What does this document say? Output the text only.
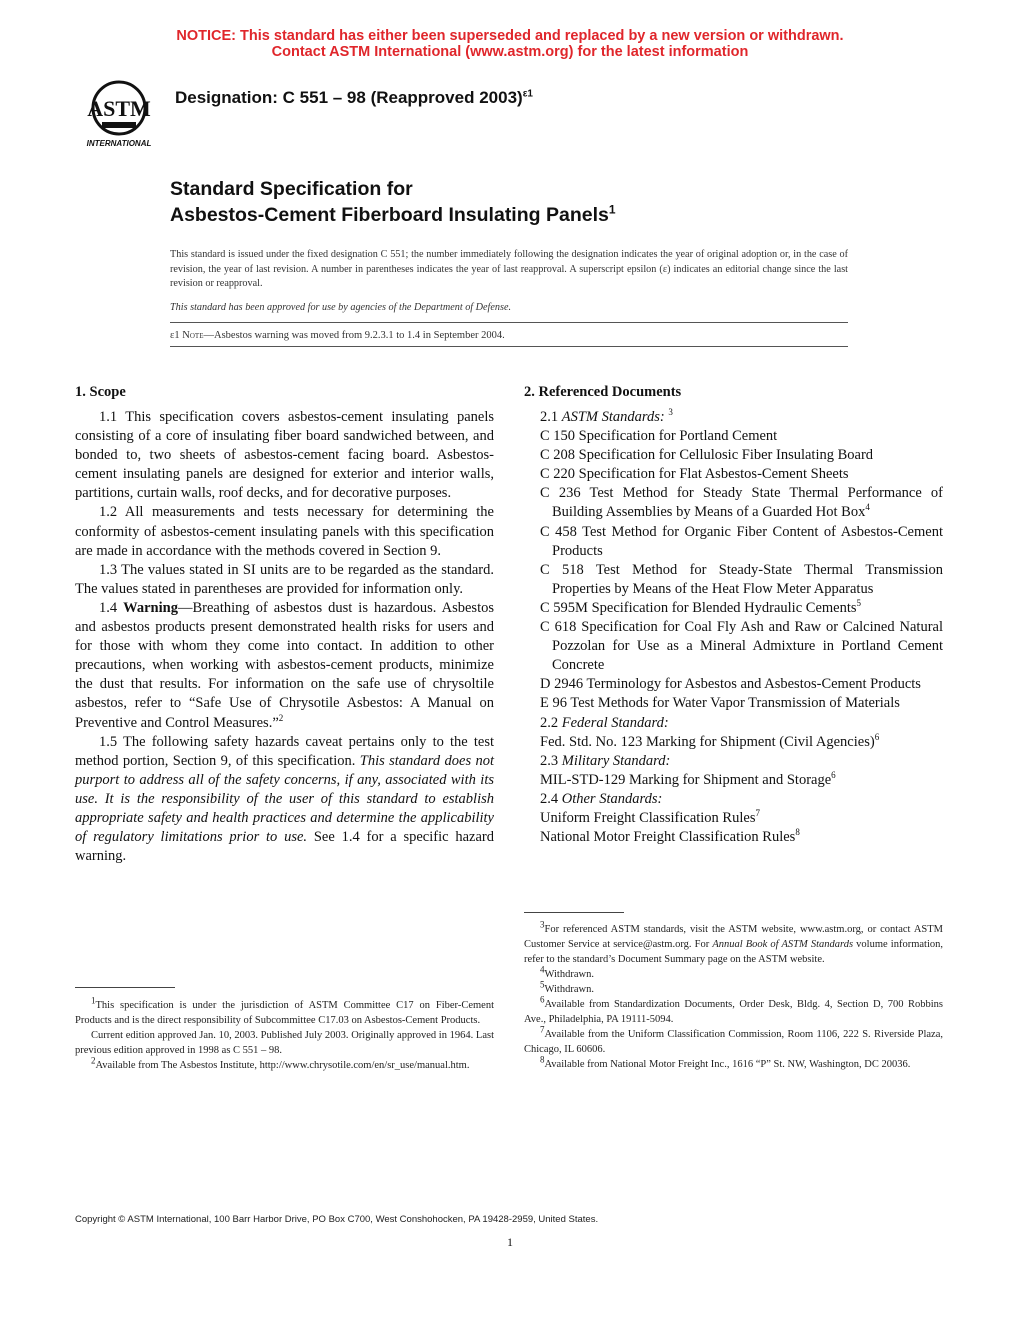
NOTICE: This standard has either been superseded and replaced by a new version or withdrawn.
Contact ASTM International (www.astm.org) for the latest information
ASTM
INTERNATIONAL
Designation: C 551 – 98 (Reapproved 2003)$^{\varepsilon 1}$
Standard Specification for
Asbestos-Cement Fiberboard Insulating Panels$^1$
This standard is issued under the fixed designation C 551; the number immediately following the designation indicates the year of original adoption or, in the case of revision, the year of last revision. A number in parentheses indicates the year of last reapproval. A superscript epsilon (ε) indicates an editorial change since the last revision or reapproval.
This standard has been approved for use by agencies of the Department of Defense.
ε1 Note—Asbestos warning was moved from 9.2.3.1 to 1.4 in September 2004.
1. Scope

1.1 This specification covers asbestos-cement insulating panels consisting of a core of insulating fiber board sandwiched between, and bonded to, two sheets of asbestos-cement facing board. Asbestos-cement insulating panels are designed for exterior and interior walls, partitions, curtain walls, roof decks, and for decorative purposes.

1.2 All measurements and tests necessary for determining the conformity of asbestos-cement insulating panels with this specification are made in accordance with the methods covered in Section 9.

1.3 The values stated in SI units are to be regarded as the standard. The values stated in parentheses are provided for information only.

1.4 Warning—Breathing of asbestos dust is hazardous. Asbestos and asbestos products present demonstrated health risks for users and for those with whom they come into contact. In addition to other precautions, when working with asbestos-cement products, minimize the dust that results. For information on the safe use of chrysoltile asbestos, refer to “Safe Use of Chrysotile Asbestos: A Manual on Preventive and Control Measures.”$^2$

1.5 The following safety hazards caveat pertains only to the test method portion, Section 9, of this specification. This standard does not purport to address all of the safety concerns, if any, associated with its use. It is the responsibility of the user of this standard to establish appropriate safety and health practices and determine the applicability of regulatory limitations prior to use. See 1.4 for a specific hazard warning.

2. Referenced Documents
2.1 ASTM Standards: $^3$
C 150 Specification for Portland Cement
C 208 Specification for Cellulosic Fiber Insulating Board
C 220 Specification for Flat Asbestos-Cement Sheets
C 236 Test Method for Steady State Thermal Performance of Building Assemblies by Means of a Guarded Hot Box$^4$
C 458 Test Method for Organic Fiber Content of Asbestos-Cement Products
C 518 Test Method for Steady-State Thermal Transmission Properties by Means of the Heat Flow Meter Apparatus
C 595M Specification for Blended Hydraulic Cements$^5$
C 618 Specification for Coal Fly Ash and Raw or Calcined Natural Pozzolan for Use as a Mineral Admixture in Portland Cement Concrete
D 2946 Terminology for Asbestos and Asbestos-Cement Products
E 96 Test Methods for Water Vapor Transmission of Materials
2.2 Federal Standard:
Fed. Std. No. 123 Marking for Shipment (Civil Agencies)$^6$
2.3 Military Standard:
MIL-STD-129 Marking for Shipment and Storage$^6$
2.4 Other Standards:
Uniform Freight Classification Rules$^7$
National Motor Freight Classification Rules$^8$

$^1$This specification is under the jurisdiction of ASTM Committee C17 on Fiber-Cement Products and is the direct responsibility of Subcommittee C17.03 on Asbestos-Cement Products.

Current edition approved Jan. 10, 2003. Published July 2003. Originally approved in 1964. Last previous edition approved in 1998 as C 551 – 98.

$^2$Available from The Asbestos Institute, http://www.chrysotile.com/en/sr_use/manual.htm.

$^3$For referenced ASTM standards, visit the ASTM website, www.astm.org, or contact ASTM Customer Service at service@astm.org. For Annual Book of ASTM Standards volume information, refer to the standard’s Document Summary page on the ASTM website.

$^4$Withdrawn.

$^5$Withdrawn.

$^6$Available from Standardization Documents, Order Desk, Bldg. 4, Section D, 700 Robbins Ave., Philadelphia, PA 19111-5094.

$^7$Available from the Uniform Classification Commission, Room 1106, 222 S. Riverside Plaza, Chicago, IL 60606.

$^8$Available from National Motor Freight Inc., 1616 “P” St. NW, Washington, DC 20036.

Copyright © ASTM International, 100 Barr Harbor Drive, PO Box C700, West Conshohocken, PA 19428-2959, United States.
1
